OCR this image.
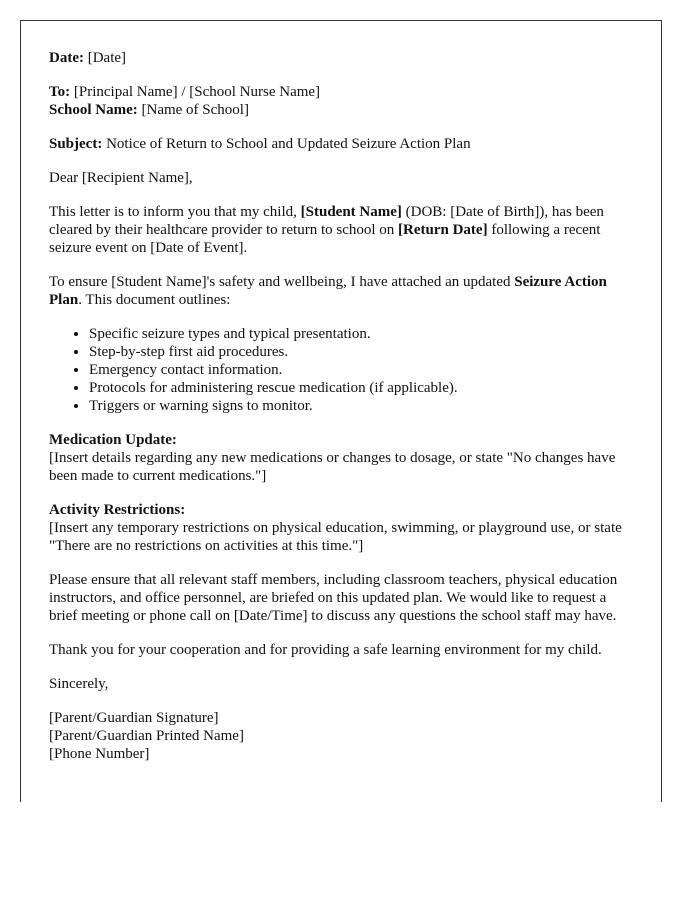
Date: [Date]

To: [Principal Name] / [School Nurse Name]
School Name: [Name of School]

Subject: Notice of Return to School and Updated Seizure Action Plan

Dear [Recipient Name],

This letter is to inform you that my child, [Student Name] (DOB: [Date of Birth]), has been cleared by their healthcare provider to return to school on [Return Date] following a recent seizure event on [Date of Event].

To ensure [Student Name]'s safety and wellbeing, I have attached an updated Seizure Action Plan. This document outlines:

• Specific seizure types and typical presentation.
• Step-by-step first aid procedures.
• Emergency contact information.
• Protocols for administering rescue medication (if applicable).
• Triggers or warning signs to monitor.

Medication Update:
[Insert details regarding any new medications or changes to dosage, or state "No changes have been made to current medications."]

Activity Restrictions:
[Insert any temporary restrictions on physical education, swimming, or playground use, or state "There are no restrictions on activities at this time."]

Please ensure that all relevant staff members, including classroom teachers, physical education instructors, and office personnel, are briefed on this updated plan. We would like to request a brief meeting or phone call on [Date/Time] to discuss any questions the school staff may have.

Thank you for your cooperation and for providing a safe learning environment for my child.

Sincerely,

[Parent/Guardian Signature]
[Parent/Guardian Printed Name]
[Phone Number]
